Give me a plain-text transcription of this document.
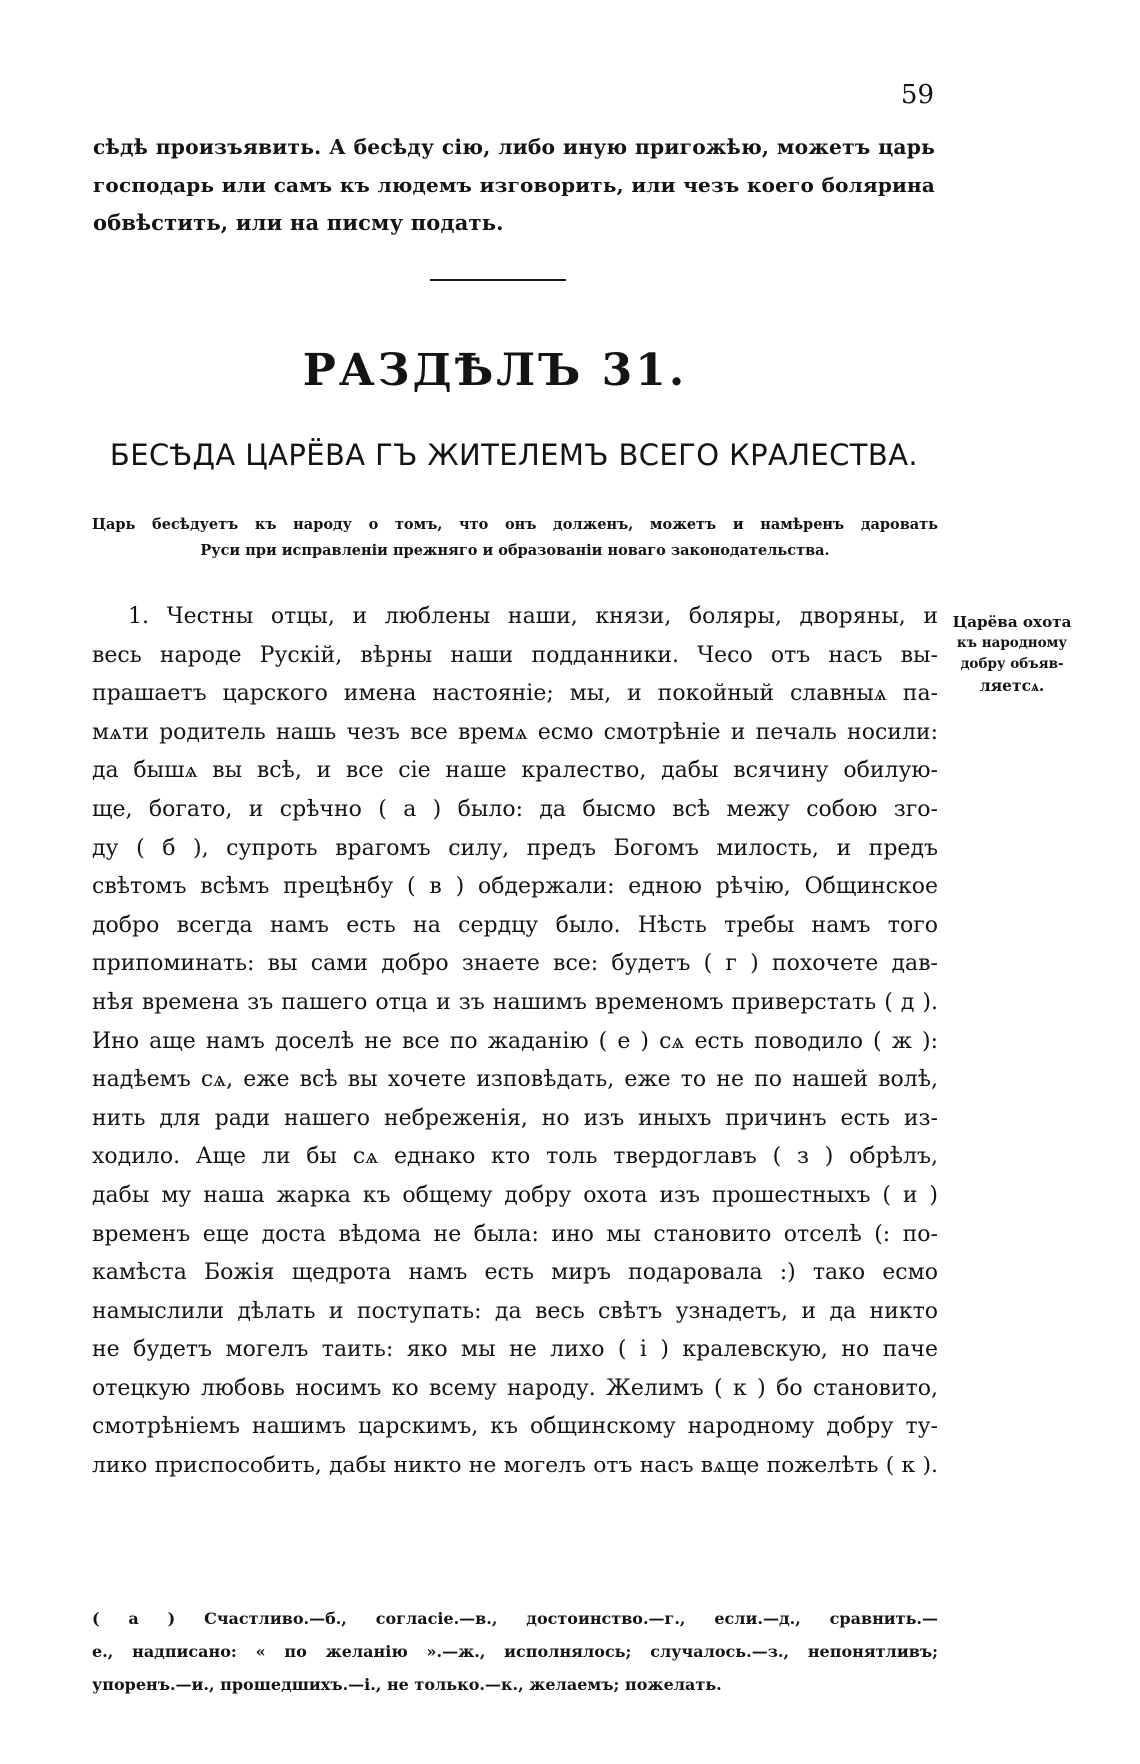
59
сѣдѣ произъявить. А бесѣду сію, либо иную пригожѣю, можетъ царь
господарь или самъ къ людемъ изговорить, или чезъ коего болярина
обвѣстить, или на писму подать.
РАЗДѢЛЪ 31.
БЕСѢДА ЦАРЁВА ГЪ ЖИТЕЛЕМЪ ВСЕГО КРАЛЕСТВА.
Царь бесѣдуетъ къ народу о томъ, что онъ долженъ, можетъ и намѣренъ даровать
Руси при исправленіи прежняго и образованіи новаго законодательства.
Царёва охота
къ народному
добру объяв-
ляетсѧ.
1. Честны отцы, и люблены наши, князи, боляры, дворяны, и
весь народе Рускій, вѣрны наши подданники. Чесо отъ насъ вы-
прашаетъ царского имена настояніе; мы, и покойный славныѧ па-
мѧти родитель нашь чезъ все времѧ есмо смотрѣніе и печаль носили:
да бышѧ вы всѣ, и все сіе наше кралество, дабы всячину обилую-
ще, богато, и срѣчно ( а ) было: да бысмо всѣ межу собою зго-
ду ( б ), супроть врагомъ силу, предъ Богомъ милость, и предъ
свѣтомъ всѣмъ прецѣнбу ( в ) обдержали: едною рѣчію, Общинское
добро всегда намъ есть на сердцу было. Нѣсть требы намъ того
припоминать: вы сами добро знаете все: будетъ ( г ) похочете дав-
нѣя времена зъ пашего отца и зъ нашимъ временомъ приверстать ( д ).
Ино аще намъ доселѣ не все по жаданію ( е ) сѧ есть поводило ( ж ):
надѣемъ сѧ, еже всѣ вы хочете изповѣдать, еже то не по нашей волѣ,
нить для ради нашего небреженія, но изъ иныхъ причинъ есть из-
ходило. Аще ли бы сѧ еднако кто толь твердоглавъ ( з ) обрѣлъ,
дабы му наша жарка къ общему добру охота изъ прошестныхъ ( и )
временъ еще доста вѣдома не была: ино мы становито отселѣ (: по-
камѣста Божія щедрота намъ есть миръ подаровала :) тако есмо
намыслили дѣлать и поступать: да весь свѣтъ узнадетъ, и да никто
не будетъ могелъ таить: яко мы не лихо ( і ) кралевскую, но паче
отецкую любовь носимъ ко всему народу. Желимъ ( к ) бо становито,
смотрѣніемъ нашимъ царскимъ, къ общинскому народному добру ту-
лико приспособить, дабы никто не могелъ отъ насъ вѧще пожелѣть ( к ).
( а ) Счастливо.—б., согласіе.—в., достоинство.—г., если.—д., сравнить.—
е., надписано: « по желанію ».—ж., исполнялось; случалось.—з., непонятливъ;
упоренъ.—и., прошедшихъ.—і., не только.—к., желаемъ; пожелать.
